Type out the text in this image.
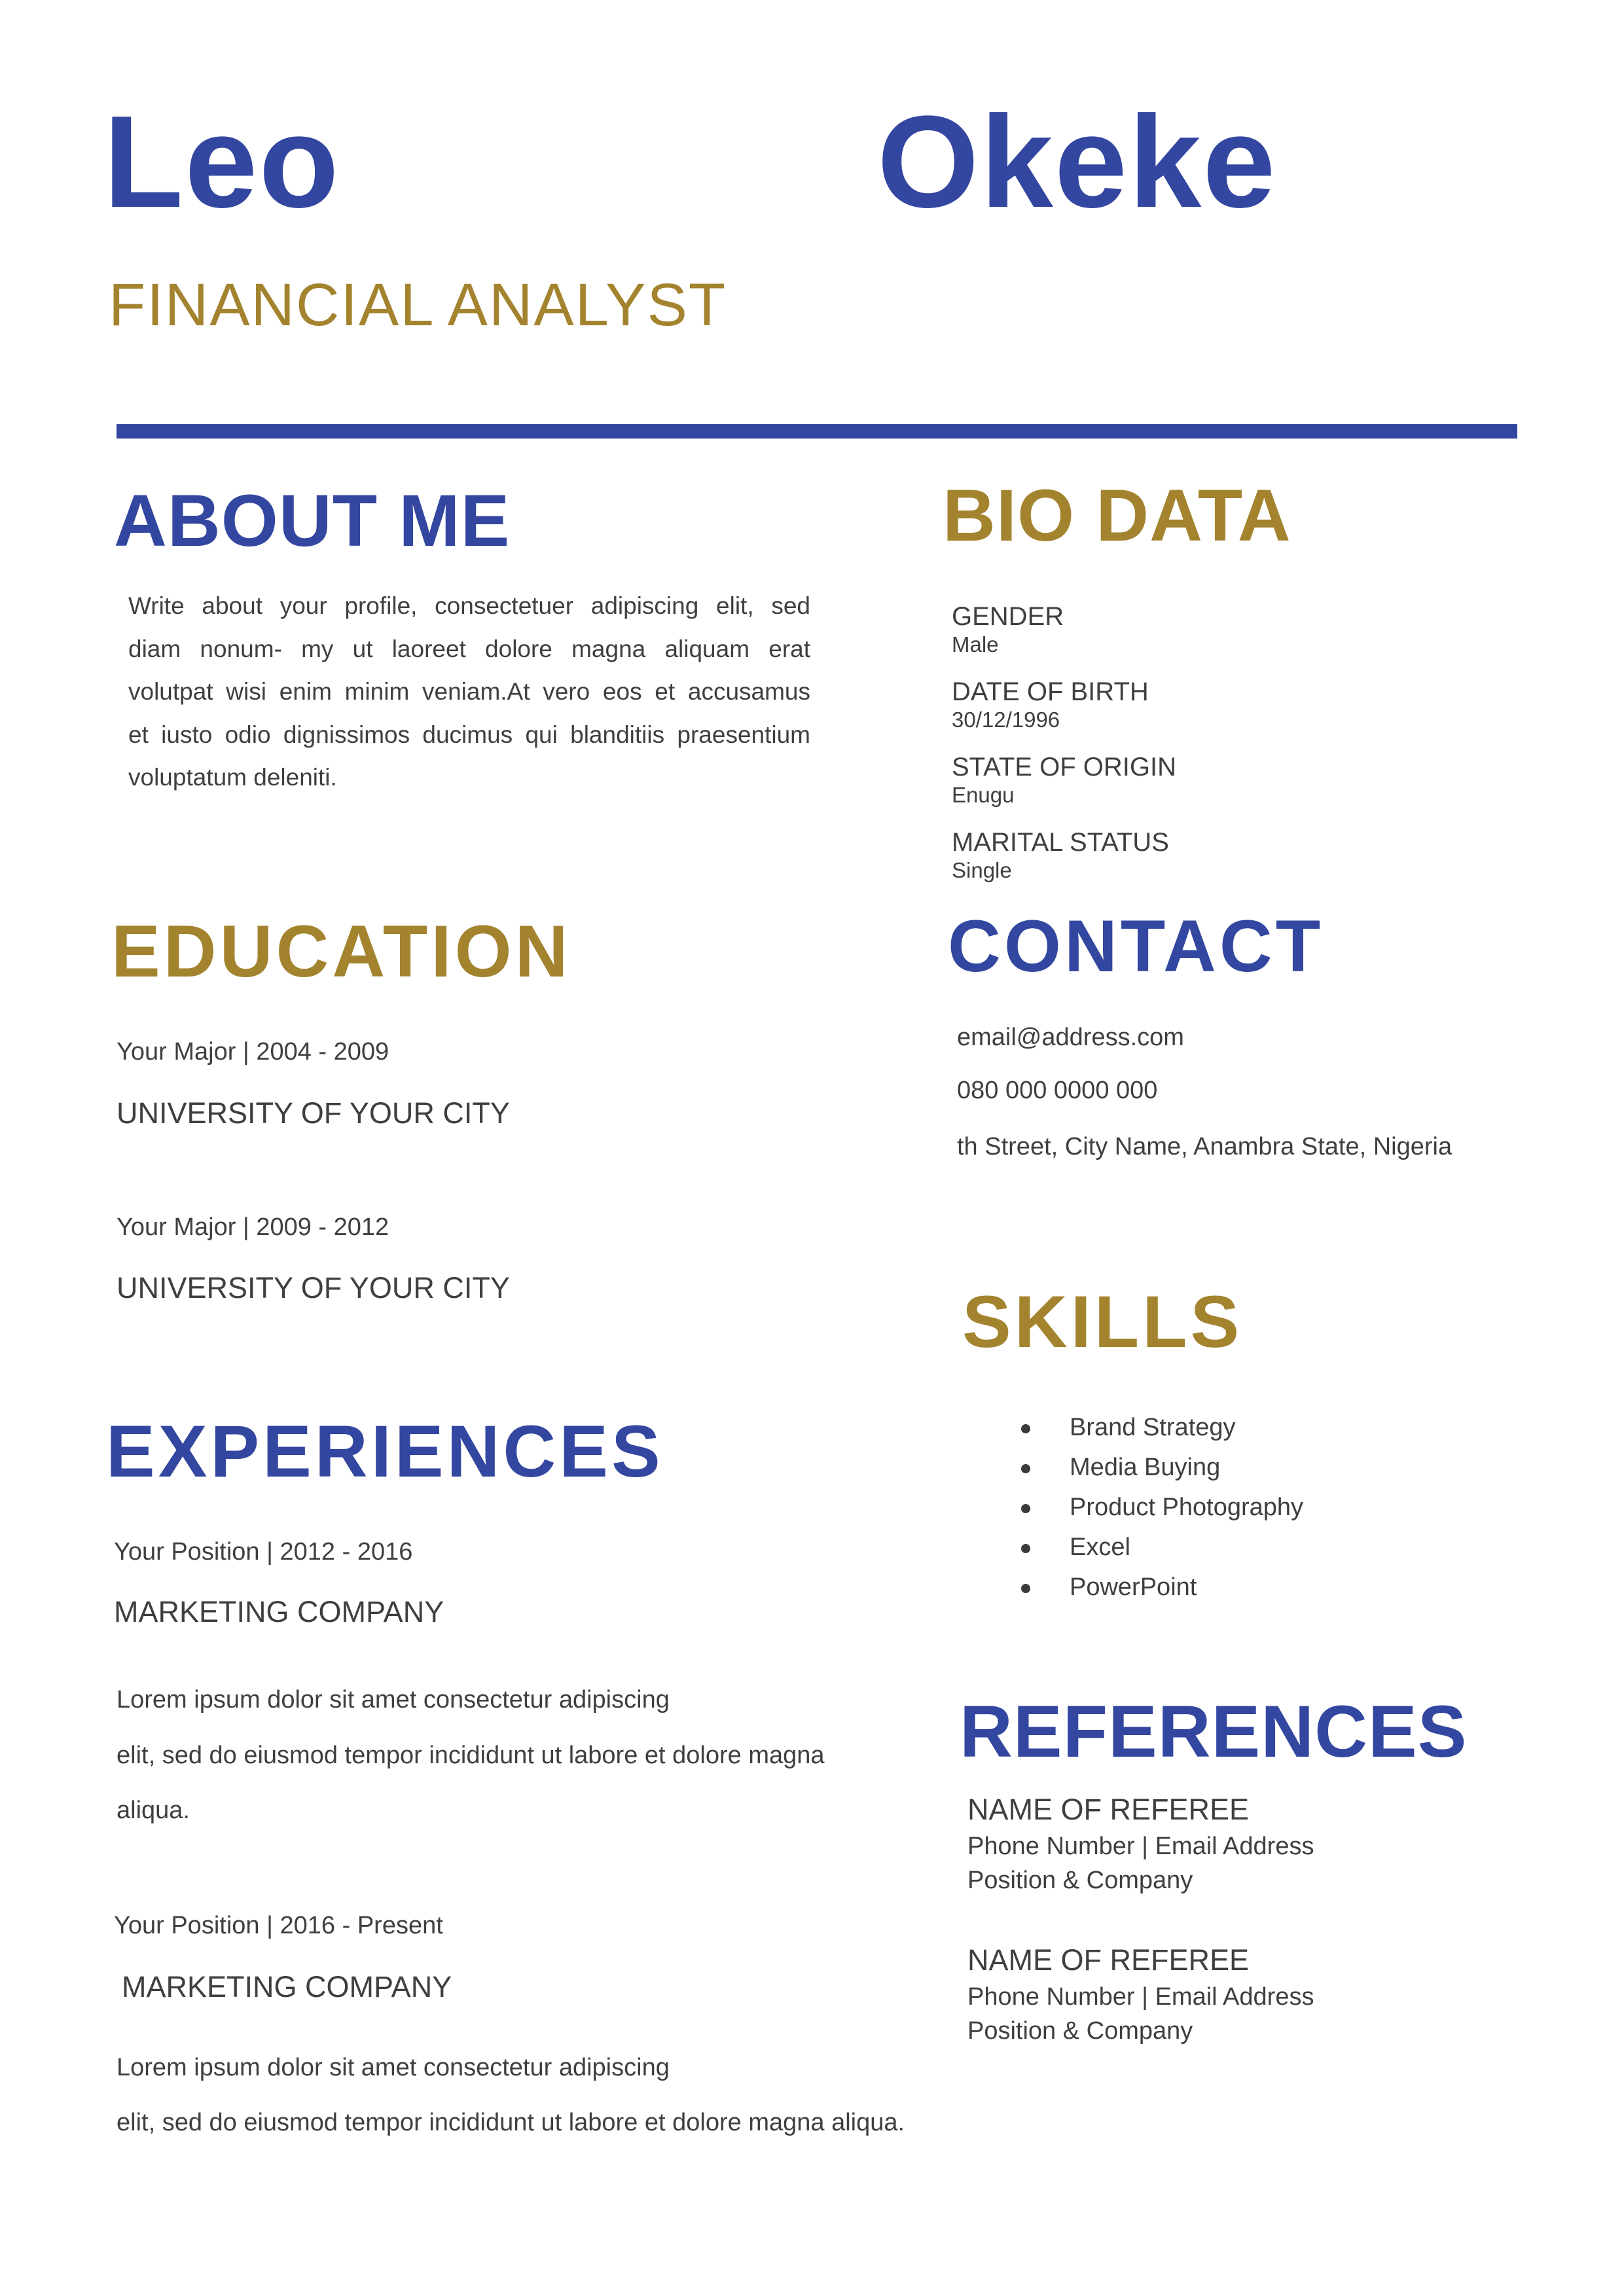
Leo	Okeke
FINANCIAL ANALYST
ABOUT ME
Write about your profile, consectetuer adipiscing elit, sed
diam nonum- my ut laoreet dolore magna aliquam erat
volutpat wisi enim minim veniam.At vero eos et accusamus
et iusto odio dignissimos ducimus qui blanditiis praesentium
voluptatum deleniti.
BIO DATA
GENDER
Male
DATE OF BIRTH
30/12/1996
STATE OF ORIGIN
Enugu
MARITAL STATUS
Single
EDUCATION
Your Major | 2004 - 2009
UNIVERSITY OF YOUR CITY
Your Major | 2009 - 2012
UNIVERSITY OF YOUR CITY
CONTACT
email@address.com
080 000 0000 000
th Street, City Name, Anambra State, Nigeria
SKILLS
Brand Strategy
Media Buying
Product Photography
Excel
PowerPoint
EXPERIENCES
Your Position | 2012 - 2016
MARKETING COMPANY
Lorem ipsum dolor sit amet consectetur adipiscing
elit, sed do eiusmod tempor incididunt ut labore et dolore magna
aliqua.
Your Position | 2016 - Present
MARKETING COMPANY
Lorem ipsum dolor sit amet consectetur adipiscing
elit, sed do eiusmod tempor incididunt ut labore et dolore magna aliqua.
REFERENCES
NAME OF REFEREE
Phone Number | Email Address
Position & Company
NAME OF REFEREE
Phone Number | Email Address
Position & Company
